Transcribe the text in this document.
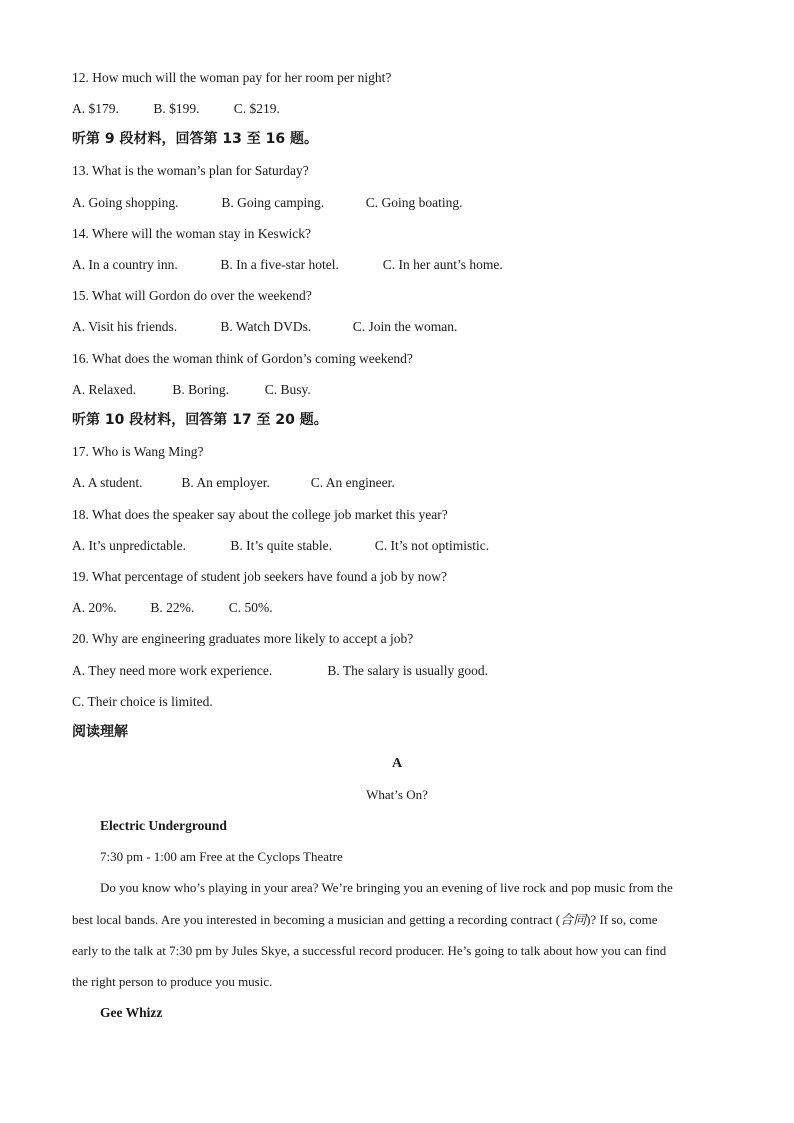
12. How much will the woman pay for her room per night?
A. $179.	B. $199.	C. $219.
听第 9 段材料，回答第 13 至 16 题。
13. What is the woman’s plan for Saturday?
A. Going shopping.	B. Going camping.	C. Going boating.
14. Where will the woman stay in Keswick?
A. In a country inn.	B. In a five-star hotel.	C. In her aunt’s home.
15. What will Gordon do over the weekend?
A. Visit his friends.	B. Watch DVDs.	C. Join the woman.
16. What does the woman think of Gordon’s coming weekend?
A. Relaxed.	B. Boring.	C. Busy.
听第 10 段材料，回答第 17 至 20 题。
17. Who is Wang Ming?
A. A student.	B. An employer.	C. An engineer.
18. What does the speaker say about the college job market this year?
A. It’s unpredictable.	B. It’s quite stable.	C. It’s not optimistic.
19. What percentage of student job seekers have found a job by now?
A. 20%.	B. 22%.	C. 50%.
20. Why are engineering graduates more likely to accept a job?
A. They need more work experience.	B. The salary is usually good.
C. Their choice is limited.
阅读理解
A
What’s On?
Electric Underground
7:30 pm - 1:00 am Free at the Cyclops Theatre
Do you know who’s playing in your area? We’re bringing you an evening of live rock and pop music from the
best local bands. Are you interested in becoming a musician and getting a recording contract (合同)? If so, come
early to the talk at 7:30 pm by Jules Skye, a successful record producer. He’s going to talk about how you can find
the right person to produce you music.
Gee Whizz
